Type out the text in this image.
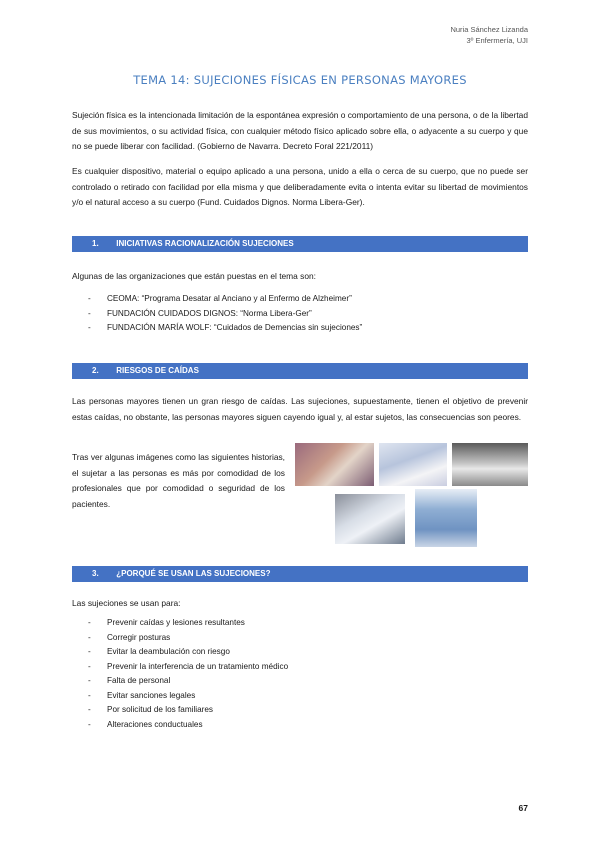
Nuria Sánchez Lizanda
3º Enfermería, UJI
TEMA 14: SUJECIONES FÍSICAS EN PERSONAS MAYORES
Sujeción física es la intencionada limitación de la espontánea expresión o comportamiento de una persona, o de la libertad de sus movimientos, o su actividad física, con cualquier método físico aplicado sobre ella, o adyacente a su cuerpo y que no se puede liberar con facilidad. (Gobierno de Navarra. Decreto Foral 221/2011)
Es cualquier dispositivo, material o equipo aplicado a una persona, unido a ella o cerca de su cuerpo, que no puede ser controlado o retirado con facilidad por ella misma y que deliberadamente evita o intenta evitar su libertad de movimientos y/o el natural acceso a su cuerpo (Fund. Cuidados Dignos. Norma Libera-Ger).
1. INICIATIVAS RACIONALIZACIÓN SUJECIONES
Algunas de las organizaciones que están puestas en el tema son:
- CEOMA: “Programa Desatar al Anciano y al Enfermo de Alzheimer”
- FUNDACIÓN CUIDADOS DIGNOS: “Norma Libera-Ger”
- FUNDACIÓN MARÍA WOLF: “Cuidados de Demencias sin sujeciones”
2. RIESGOS DE CAÍDAS
Las personas mayores tienen un gran riesgo de caídas. Las sujeciones, supuestamente, tienen el objetivo de prevenir estas caídas, no obstante, las personas mayores siguen cayendo igual y, al estar sujetos, las consecuencias son peores.
Tras ver algunas imágenes como las siguientes historias, el sujetar a las personas es más por comodidad de los profesionales que por comodidad o seguridad de los pacientes.
3. ¿PORQUÉ SE USAN LAS SUJECIONES?
Las sujeciones se usan para:
- Prevenir caídas y lesiones resultantes
- Corregir posturas
- Evitar la deambulación con riesgo
- Prevenir la interferencia de un tratamiento médico
- Falta de personal
- Evitar sanciones legales
- Por solicitud de los familiares
- Alteraciones conductuales
67
